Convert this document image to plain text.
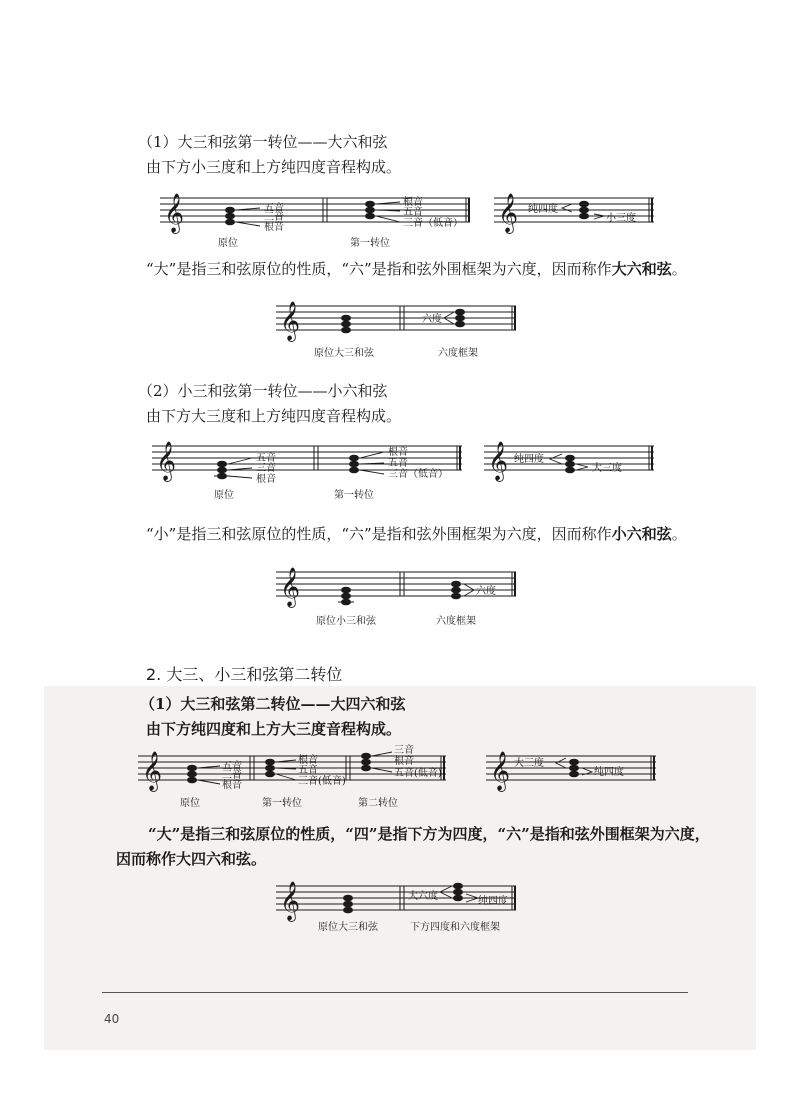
（1）大三和弦第一转位——大六和弦

由下方小三度和上方纯四度音程构成。

𝄞	五音
三音
根音
根音
五音
三音（低音）
原位	第一转位
𝄞 纯四度
小三度

“大”是指三和弦原位的性质，“六”是指和弦外围框架为六度，因而称作大六和弦。

𝄞	六度
原位大三和弦	六度框架

（2）小三和弦第一转位——小六和弦

由下方大三度和上方纯四度音程构成。

𝄞	五音
三音
根音
根音
五音
三音（低音）
原位	第一转位
𝄞 纯四度
大三度

“小”是指三和弦原位的性质，“六”是指和弦外围框架为六度，因而称作小六和弦。

𝄞	六度
原位小三和弦	六度框架

2. 大三、小三和弦第二转位

（1）大三和弦第二转位——大四六和弦

由下方纯四度和上方大三度音程构成。

𝄞	五音
三音
根音
根音
五音
三音(低音)
三音
根音
五音(低音)
原位	第一转位	第二转位
𝄞 大三度
纯四度

“大”是指三和弦原位的性质，“四”是指下方为四度，“六”是指和弦外围框架为六度，

因而称作大四六和弦。

𝄞	大六度	纯四度
原位大三和弦	下方四度和六度框架

40
